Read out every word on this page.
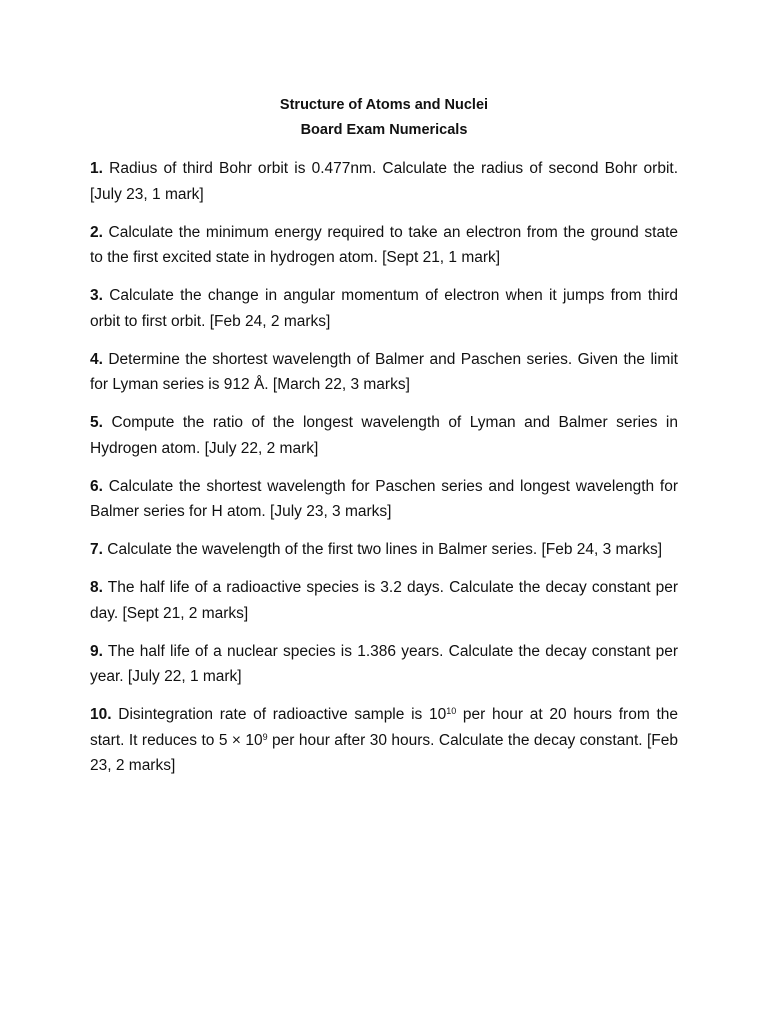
Structure of Atoms and Nuclei
Board Exam Numericals

1. Radius of third Bohr orbit is 0.477nm. Calculate the radius of second Bohr orbit. [July 23, 1 mark]

2. Calculate the minimum energy required to take an electron from the ground state to the first excited state in hydrogen atom. [Sept 21, 1 mark]

3. Calculate the change in angular momentum of electron when it jumps from third orbit to first orbit. [Feb 24, 2 marks]

4. Determine the shortest wavelength of Balmer and Paschen series. Given the limit for Lyman series is 912 Å. [March 22, 3 marks]

5. Compute the ratio of the longest wavelength of Lyman and Balmer series in Hydrogen atom. [July 22, 2 mark]

6. Calculate the shortest wavelength for Paschen series and longest wavelength for Balmer series for H atom. [July 23, 3 marks]

7. Calculate the wavelength of the first two lines in Balmer series. [Feb 24, 3 marks]

8. The half life of a radioactive species is 3.2 days. Calculate the decay constant per day. [Sept 21, 2 marks]

9. The half life of a nuclear species is 1.386 years. Calculate the decay constant per year. [July 22, 1 mark]

10. Disintegration rate of radioactive sample is $10^{10}$ per hour at 20 hours from the start. It reduces to $5 \times 10^9$ per hour after 30 hours. Calculate the decay constant. [Feb 23, 2 marks]
